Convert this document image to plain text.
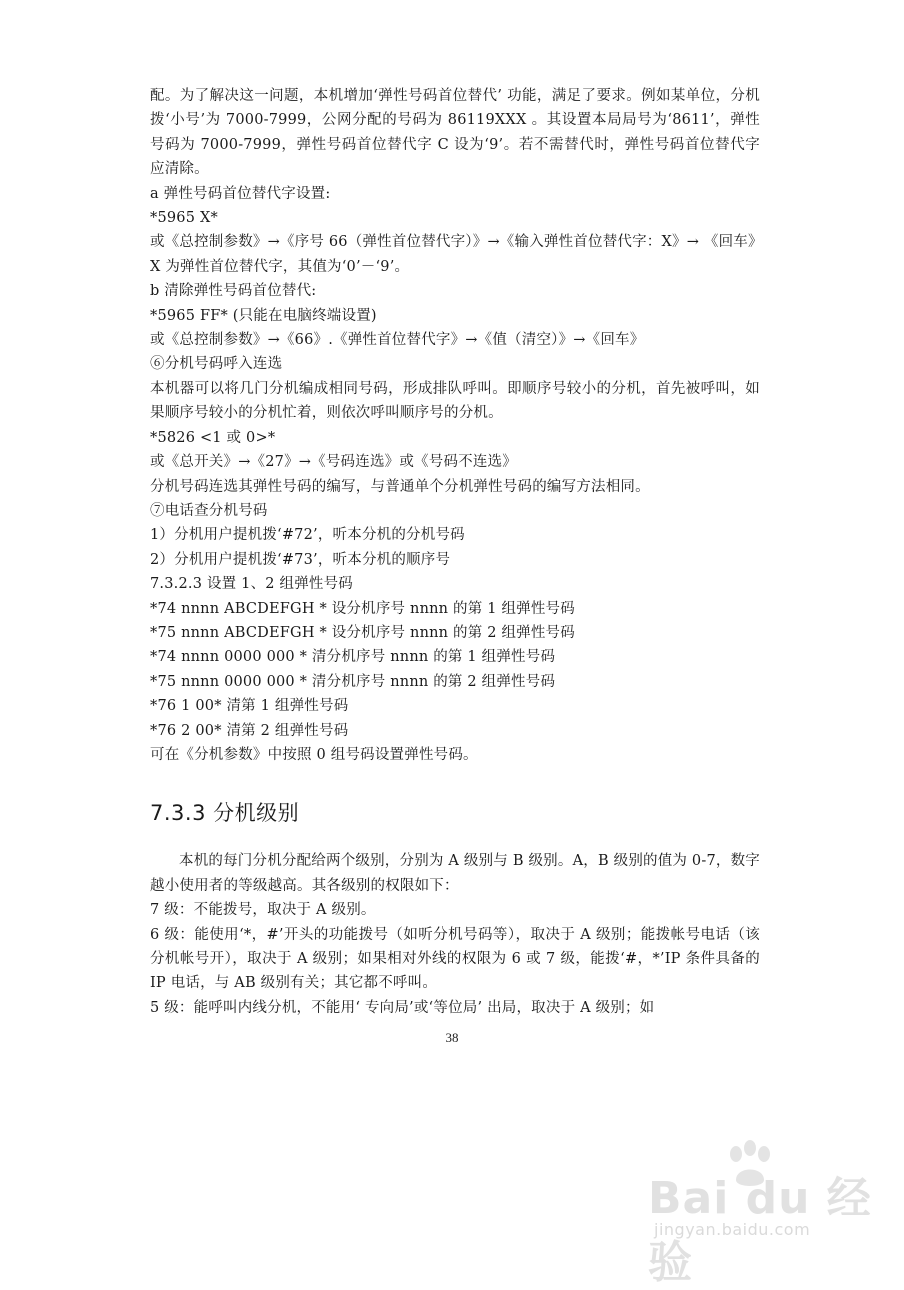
配。为了解决这一问题，本机增加‘弹性号码首位替代’ 功能，满足了要求。例如某单位，分机拨‘小号’为 7000-7999，公网分配的号码为 86119XXX 。其设置本局局号为‘8611’，弹性号码为 7000-7999，弹性号码首位替代字 C 设为‘9’。若不需替代时，弹性号码首位替代字应清除。
a 弹性号码首位替代字设置:
*5965 X*
或《总控制参数》→《序号 66（弹性首位替代字）》→《输入弹性首位替代字：X》→ 《回车》
X 为弹性首位替代字，其值为‘0’－‘9’。
b 清除弹性号码首位替代:
*5965 FF* (只能在电脑终端设置)
或《总控制参数》→《66》.《弹性首位替代字》→《值（清空）》→《回车》
⑥分机号码呼入连选
本机器可以将几门分机编成相同号码，形成排队呼叫。即顺序号较小的分机，首先被呼叫，如果顺序号较小的分机忙着，则依次呼叫顺序号的分机。
*5826 <1 或 0>*
或《总开关》→《27》→《号码连选》或《号码不连选》
分机号码连选其弹性号码的编写，与普通单个分机弹性号码的编写方法相同。
⑦电话查分机号码
1）分机用户提机拨‘#72’，听本分机的分机号码
2）分机用户提机拨‘#73’，听本分机的顺序号
7.3.2.3 设置 1、2 组弹性号码
*74 nnnn ABCDEFGH * 设分机序号 nnnn 的第 1 组弹性号码
*75 nnnn ABCDEFGH * 设分机序号 nnnn 的第 2 组弹性号码
*74 nnnn 0000 000 * 清分机序号 nnnn 的第 1 组弹性号码
*75 nnnn 0000 000 * 清分机序号 nnnn 的第 2 组弹性号码
*76 1 00* 清第 1 组弹性号码
*76 2 00* 清第 2 组弹性号码
可在《分机参数》中按照 0 组号码设置弹性号码。
7.3.3 分机级别
本机的每门分机分配给两个级别，分别为 A 级别与 B 级别。A，B 级别的值为 0-7，数字越小使用者的等级越高。其各级别的权限如下：
7 级：不能拨号，取决于 A 级别。
6 级：能使用‘*，#’开头的功能拨号（如听分机号码等），取决于 A 级别；能拨帐号电话（该分机帐号开），取决于 A 级别；如果相对外线的权限为 6 或 7 级，能拨‘#，*’IP 条件具备的 IP 电话，与 AB 级别有关；其它都不呼叫。
5 级：能呼叫内线分机，不能用‘ 专向局’或‘等位局’ 出局，取决于 A 级别；如
38
Bai du 经验
jingyan.baidu.com
